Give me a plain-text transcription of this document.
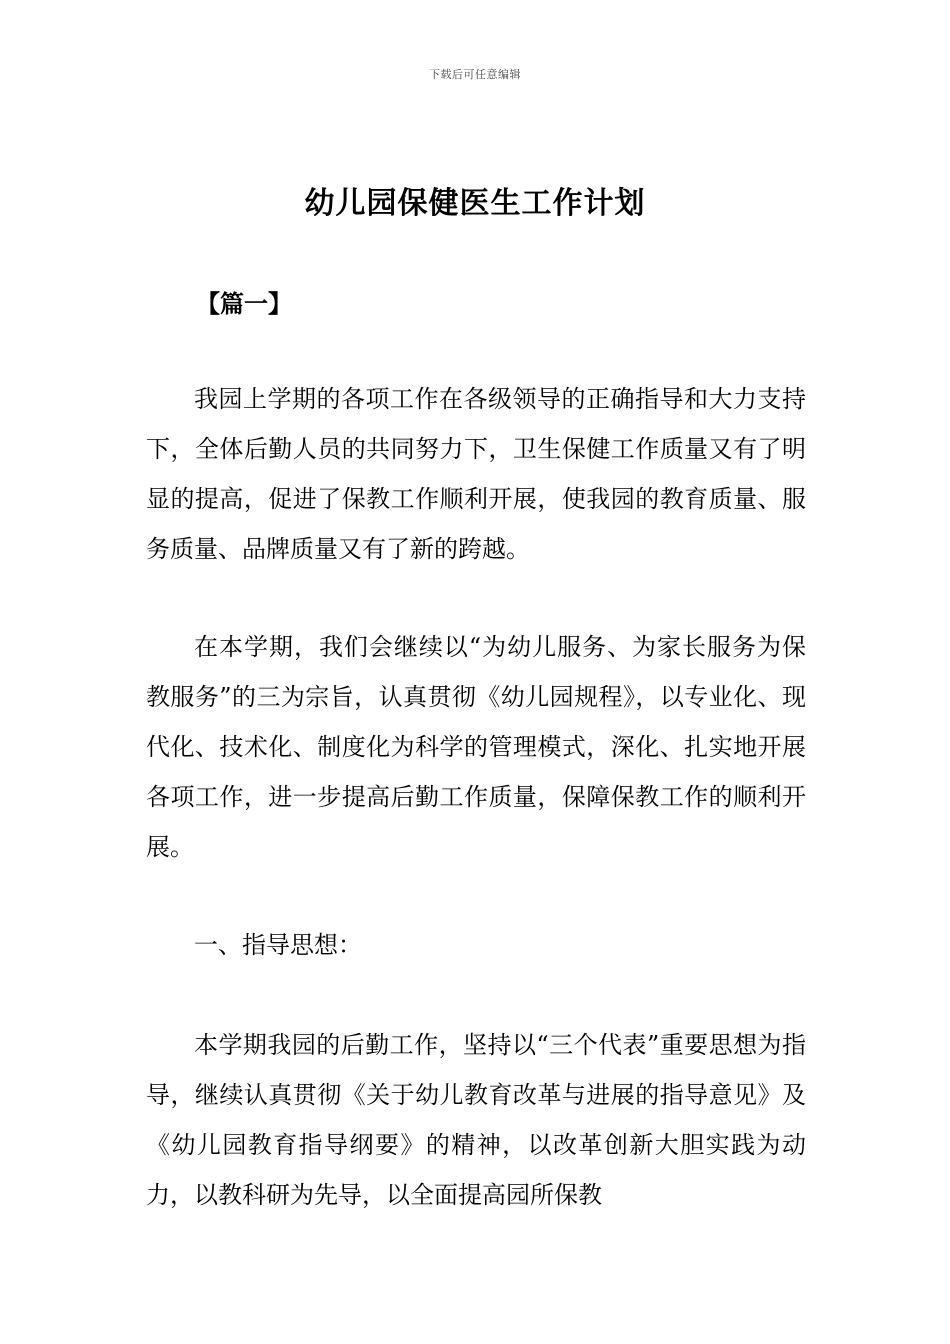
下载后可任意编辑
幼儿园保健医生工作计划
【篇一】

我园上学期的各项工作在各级领导的正确指导和大力支持下，全体后勤人员的共同努力下，卫生保健工作质量又有了明显的提高，促进了保教工作顺利开展，使我园的教育质量、服务质量、品牌质量又有了新的跨越。

在本学期，我们会继续以“为幼儿服务、为家长服务为保教服务”的三为宗旨，认真贯彻《幼儿园规程》，以专业化、现代化、技术化、制度化为科学的管理模式，深化、扎实地开展各项工作，进一步提高后勤工作质量，保障保教工作的顺利开展。

一、指导思想：

本学期我园的后勤工作，坚持以“三个代表”重要思想为指导，继续认真贯彻《关于幼儿教育改革与进展的指导意见》及《幼儿园教育指导纲要》的精神，以改革创新大胆实践为动力，以教科研为先导，以全面提高园所保教
